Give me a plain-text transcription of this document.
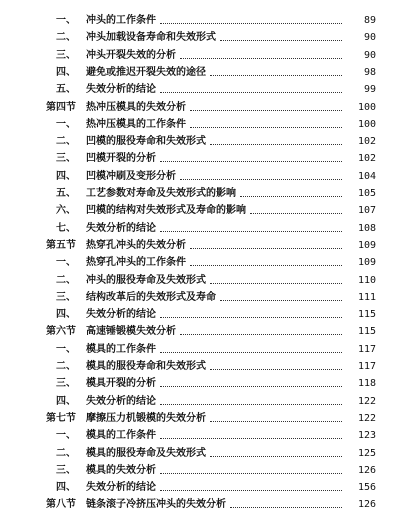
一、 冲头的工作条件	89
二、 冲头加载设备寿命和失效形式	90
三、 冲头开裂失效的分析	90
四、 避免或推迟开裂失效的途径	98
五、 失效分析的结论	99
第四节 热冲压模具的失效分析	100
一、 热冲压模具的工作条件	100
二、 凹模的服役寿命和失效形式	102
三、 凹模开裂的分析	102
四、 凹模冲刷及变形分析	104
五、 工艺参数对寿命及失效形式的影响	105
六、 凹模的结构对失效形式及寿命的影响	107
七、 失效分析的结论	108
第五节 热穿孔冲头的失效分析	109
一、 热穿孔冲头的工作条件	109
二、 冲头的服役寿命及失效形式	110
三、 结构改革后的失效形式及寿命	111
四、 失效分析的结论	115
第六节 高速锤锻模失效分析	115
一、 模具的工作条件	117
二、 模具的服役寿命和失效形式	117
三、 模具开裂的分析	118
四、 失效分析的结论	122
第七节 摩擦压力机锻模的失效分析	122
一、 模具的工作条件	123
二、 模具的服役寿命及失效形式	125
三、 模具的失效分析	126
四、 失效分析的结论	156
第八节 链条滚子冷挤压冲头的失效分析	126
